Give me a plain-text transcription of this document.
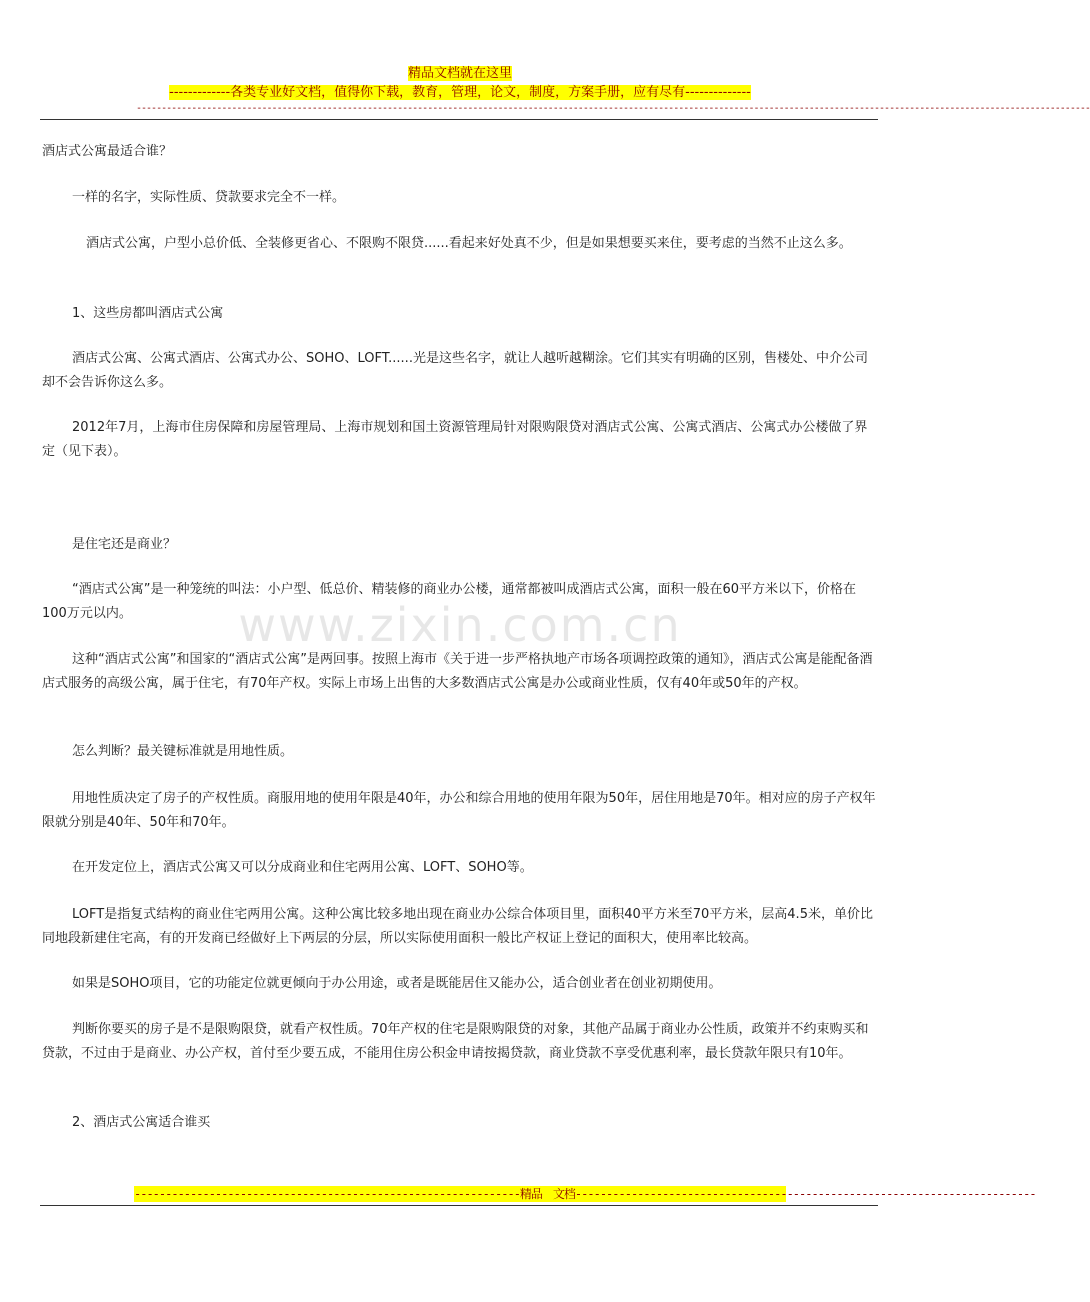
精品文档就在这里
-------------各类专业好文档，值得你下载，教育，管理，论文，制度，方案手册，应有尽有--------------
----------------------------------------------------------------------------------------------------------------------------------------------------------------------------------------------
www.zixin.com.cn

酒店式公寓最适合谁？

一样的名字，实际性质、贷款要求完全不一样。

酒店式公寓，户型小总价低、全装修更省心、不限购不限贷......看起来好处真不少，但是如果想要买来住，要考虑的当然不止这么多。

1、这些房都叫酒店式公寓

酒店式公寓、公寓式酒店、公寓式办公、SOHO、LOFT......光是这些名字，就让人越听越糊涂。它们其实有明确的区别，售楼处、中介公司却不会告诉你这么多。

2012年7月，上海市住房保障和房屋管理局、上海市规划和国土资源管理局针对限购限贷对酒店式公寓、公寓式酒店、公寓式办公楼做了界定（见下表）。

是住宅还是商业？

“酒店式公寓”是一种笼统的叫法：小户型、低总价、精装修的商业办公楼，通常都被叫成酒店式公寓，面积一般在60平方米以下，价格在100万元以内。

这种“酒店式公寓”和国家的“酒店式公寓”是两回事。按照上海市《关于进一步严格执地产市场各项调控政策的通知》，酒店式公寓是能配备酒店式服务的高级公寓，属于住宅，有70年产权。实际上市场上出售的大多数酒店式公寓是办公或商业性质，仅有40年或50年的产权。

怎么判断？最关键标准就是用地性质。

用地性质决定了房子的产权性质。商服用地的使用年限是40年，办公和综合用地的使用年限为50年，居住用地是70年。相对应的房子产权年限就分别是40年、50年和70年。

在开发定位上，酒店式公寓又可以分成商业和住宅两用公寓、LOFT、SOHO等。

LOFT是指复式结构的商业住宅两用公寓。这种公寓比较多地出现在商业办公综合体项目里，面积40平方米至70平方米，层高4.5米，单价比同地段新建住宅高，有的开发商已经做好上下两层的分层，所以实际使用面积一般比产权证上登记的面积大，使用率比较高。

如果是SOHO项目，它的功能定位就更倾向于办公用途，或者是既能居住又能办公，适合创业者在创业初期使用。

判断你要买的房子是不是限购限贷，就看产权性质。70年产权的住宅是限购限贷的对象，其他产品属于商业办公性质，政策并不约束购买和贷款，不过由于是商业、办公产权，首付至少要五成，不能用住房公积金申请按揭贷款，商业贷款不享受优惠利率，最长贷款年限只有10年。

2、酒店式公寓适合谁买

--------------------------------------------------------------精品　文档--------------------------------------------------------------------------
